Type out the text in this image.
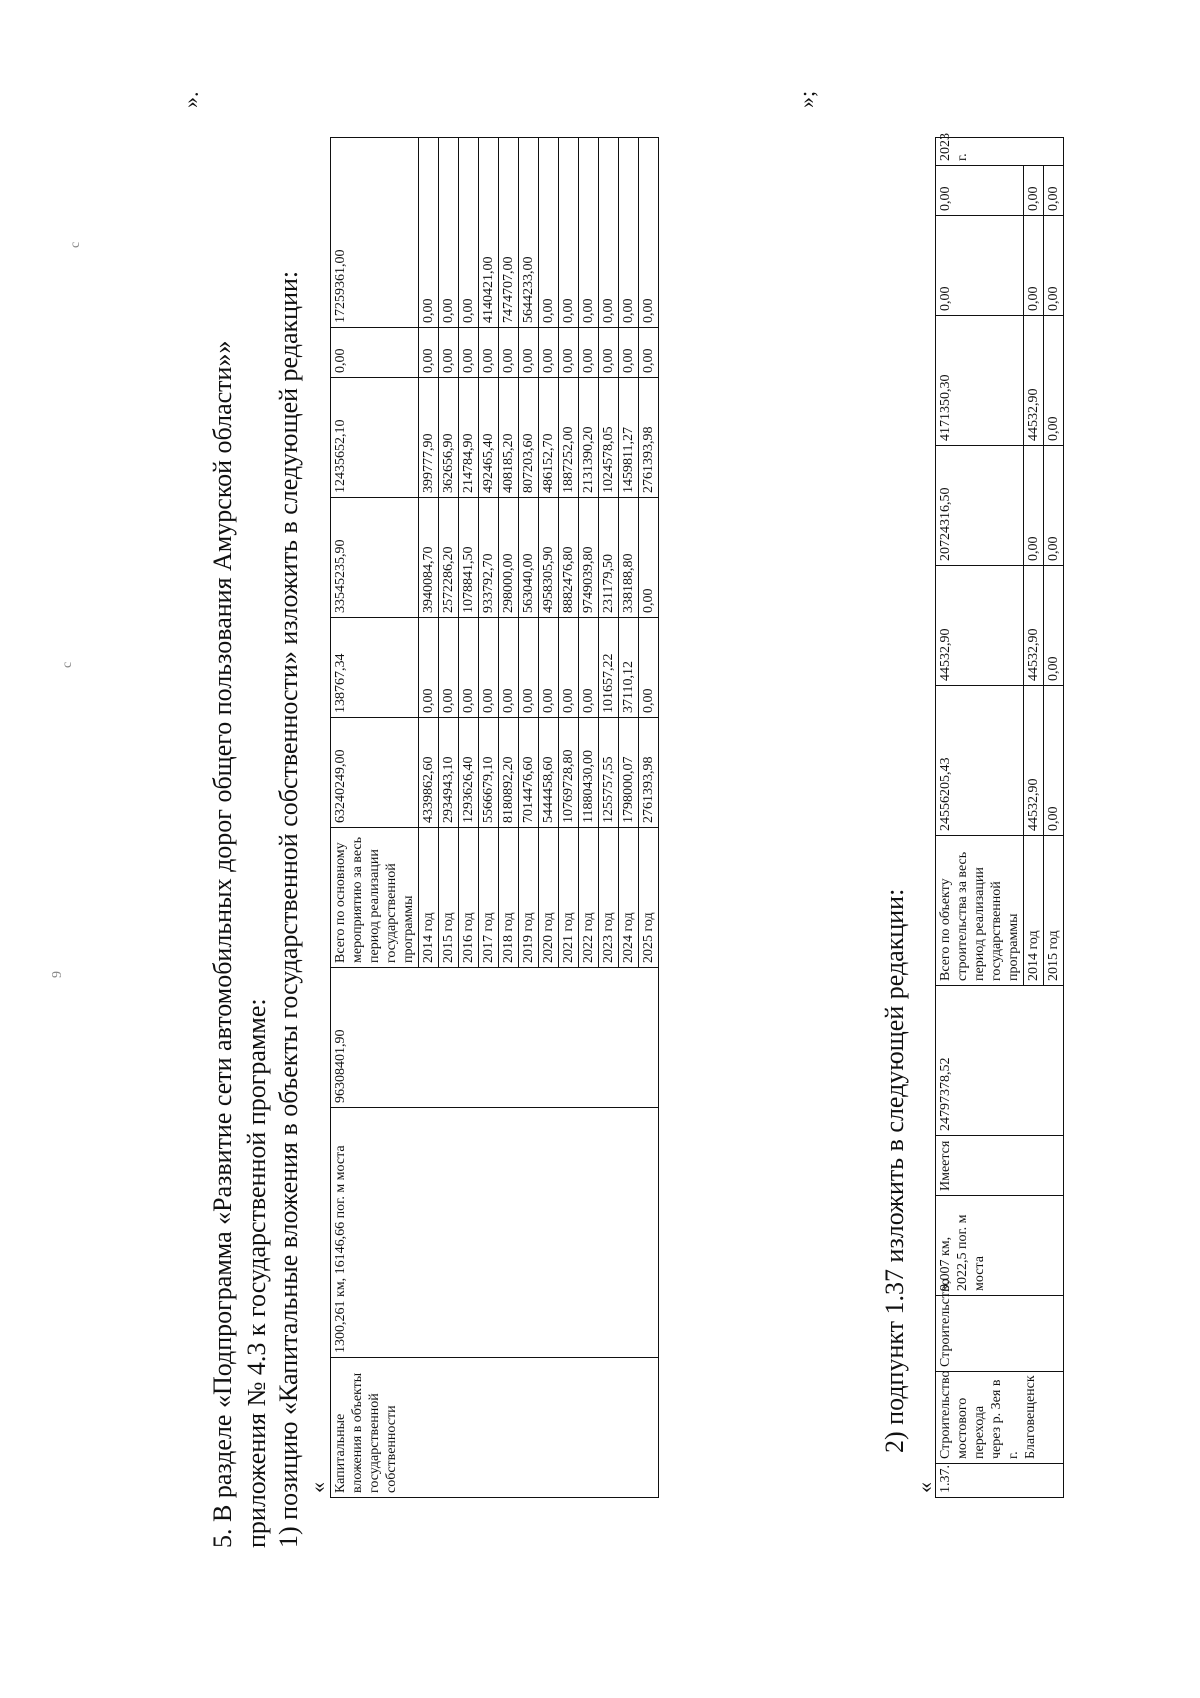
9
с
с
5. В разделе «Подпрограмма «Развитие сети автомобильных дорог общего пользования Амурской области»» приложения № 4.3 к государственной программе: 1) позицию «Капитальные вложения в объекты государственной собственности» изложить в следующей редакции:
».
« Капитальные вложения в объекты государственной собственности	1300,261 км, 16146,66 пог. м моста	96308401,90	Всего по основному мероприятию за весь период реализации государственной программы	63240249,00	138767,34	33545235,90	12435652,10	0,00	17259361,00
			2014 год	4339862,60	0,00	3940084,70	399777,90	0,00	0,00
			2015 год	2934943,10	0,00	2572286,20	362656,90	0,00	0,00
			2016 год	1293626,40	0,00	1078841,50	214784,90	0,00	0,00
			2017 год	5566679,10	0,00	933792,70	492465,40	0,00	4140421,00
			2018 год	8180892,20	0,00	298000,00	408185,20	0,00	7474707,00
			2019 год	7014476,60	0,00	563040,00	807203,60	0,00	5644233,00
			2020 год	5444458,60	0,00	4958305,90	486152,70	0,00	0,00
			2021 год	10769728,80	0,00	8882476,80	1887252,00	0,00	0,00
			2022 год	11880430,00	0,00	9749039,80	2131390,20	0,00	0,00
			2023 год	1255757,55	101657,22	231179,50	1024578,05	0,00	0,00
			2024 год	1798000,07	37110,12	338188,80	1459811,27	0,00	0,00
			2025 год	2761393,98	0,00	0,00	2761393,98	0,00	0,00
»;
2) подпункт 1.37 изложить в следующей редакции:
« 1.37.	Строительство мостового перехода через р. Зея в г. Благовещенск	Строительство	9,007 км, 2022,5 пог. м моста	Имеется	24797378,52	Всего по объекту строительства за весь период реализации государственной программы	24556205,43	44532,90	20724316,50	4171350,30	0,00	0,00	2023 г.
						2014 год	44532,90	44532,90	0,00	44532,90	0,00	0,00	
						2015 год	0,00	0,00	0,00	0,00	0,00	0,00	
